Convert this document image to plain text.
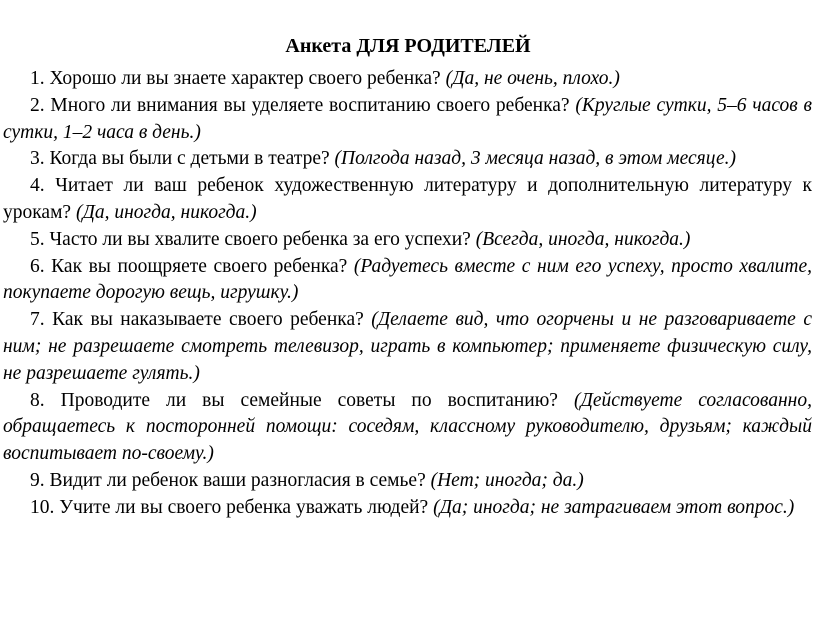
Анкета ДЛЯ РОДИТЕЛЕЙ

1. Хорошо ли вы знаете характер своего ребенка? (Да, не очень, плохо.)

2. Много ли внимания вы уделяете воспитанию своего ребенка? (Круглые сутки, 5–6 часов в сутки, 1–2 часа в день.)

3. Когда вы были с детьми в театре? (Полгода назад, 3 месяца назад, в этом месяце.)

4. Читает ли ваш ребенок художественную литературу и дополнительную литературу к урокам? (Да, иногда, никогда.)

5. Часто ли вы хвалите своего ребенка за его успехи? (Всегда, иногда, никогда.)

6. Как вы поощряете своего ребенка? (Радуетесь вместе с ним его успеху, просто хвалите, покупаете дорогую вещь, игрушку.)

7. Как вы наказываете своего ребенка? (Делаете вид, что огорчены и не разговариваете с ним; не разрешаете смотреть телевизор, играть в компьютер; применяете физическую силу, не разрешаете гулять.)

8. Проводите ли вы семейные советы по воспитанию? (Действуете согласованно, обращаетесь к посторонней помощи: соседям, классному руководителю, друзьям; каждый воспитывает по-своему.)

9. Видит ли ребенок ваши разногласия в семье? (Нет; иногда; да.)

10. Учите ли вы своего ребенка уважать людей? (Да; иногда; не затрагиваем этот вопрос.)
